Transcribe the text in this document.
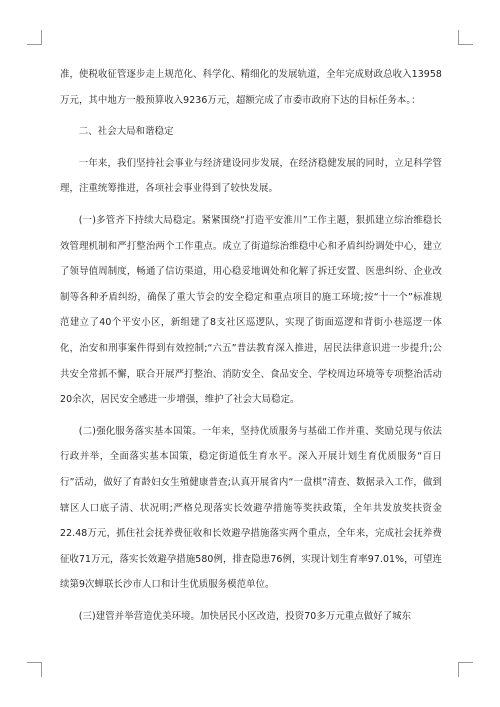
准，使税收征管逐步走上规范化、科学化、精细化的发展轨道，全年完成财政总收入13958万元，其中地方一般预算收入9236万元，超额完成了市委市政府下达的目标任务本。：

二、社会大局和谐稳定

一年来，我们坚持社会事业与经济建设同步发展，在经济稳健发展的同时，立足科学管理，注重统筹推进，各项社会事业得到了较快发展。

(一)多管齐下持续大局稳定。紧紧围绕“打造平安淮川”工作主题，狠抓建立综治维稳长效管理机制和严打整治两个工作重点。成立了街道综治维稳中心和矛盾纠纷调处中心，建立了领导值周制度，畅通了信访渠道，用心稳妥地调处和化解了拆迁安置、医患纠纷、企业改制等各种矛盾纠纷，确保了重大节会的安全稳定和重点项目的施工环境;按“十一个”标准规范建立了40个平安小区，新组建了8支社区巡逻队，实现了街面巡逻和背街小巷巡逻一体化，治安和刑事案件得到有效控制;“六五”普法教育深入推进，居民法律意识进一步提升;公共安全常抓不懈，联合开展严打整治、消防安全、食品安全、学校周边环境等专项整治活动20余次，居民安全感进一步增强，维护了社会大局稳定。

(二)强化服务落实基本国策。一年来，坚持优质服务与基础工作并重、奖励兑现与依法行政并举，全面落实基本国策，稳定街道低生育水平。深入开展计划生育优质服务“百日行”活动，做好了育龄妇女生殖健康普查;认真开展省内“一盘棋”清查、数据录入工作，做到辖区人口底子清、状况明;严格兑现落实长效避孕措施等奖扶政策，全年共发放奖扶资金22.48万元，抓住社会抚养费征收和长效避孕措施落实两个重点，全年来，完成社会抚养费征收71万元，落实长效避孕措施580例，排查隐患76例，实现计划生育率97.01%，可望连续第9次蝉联长沙市人口和计生优质服务模范单位。

(三)建管并举营造优美环境。加快居民小区改造，投资70多万元重点做好了城东
